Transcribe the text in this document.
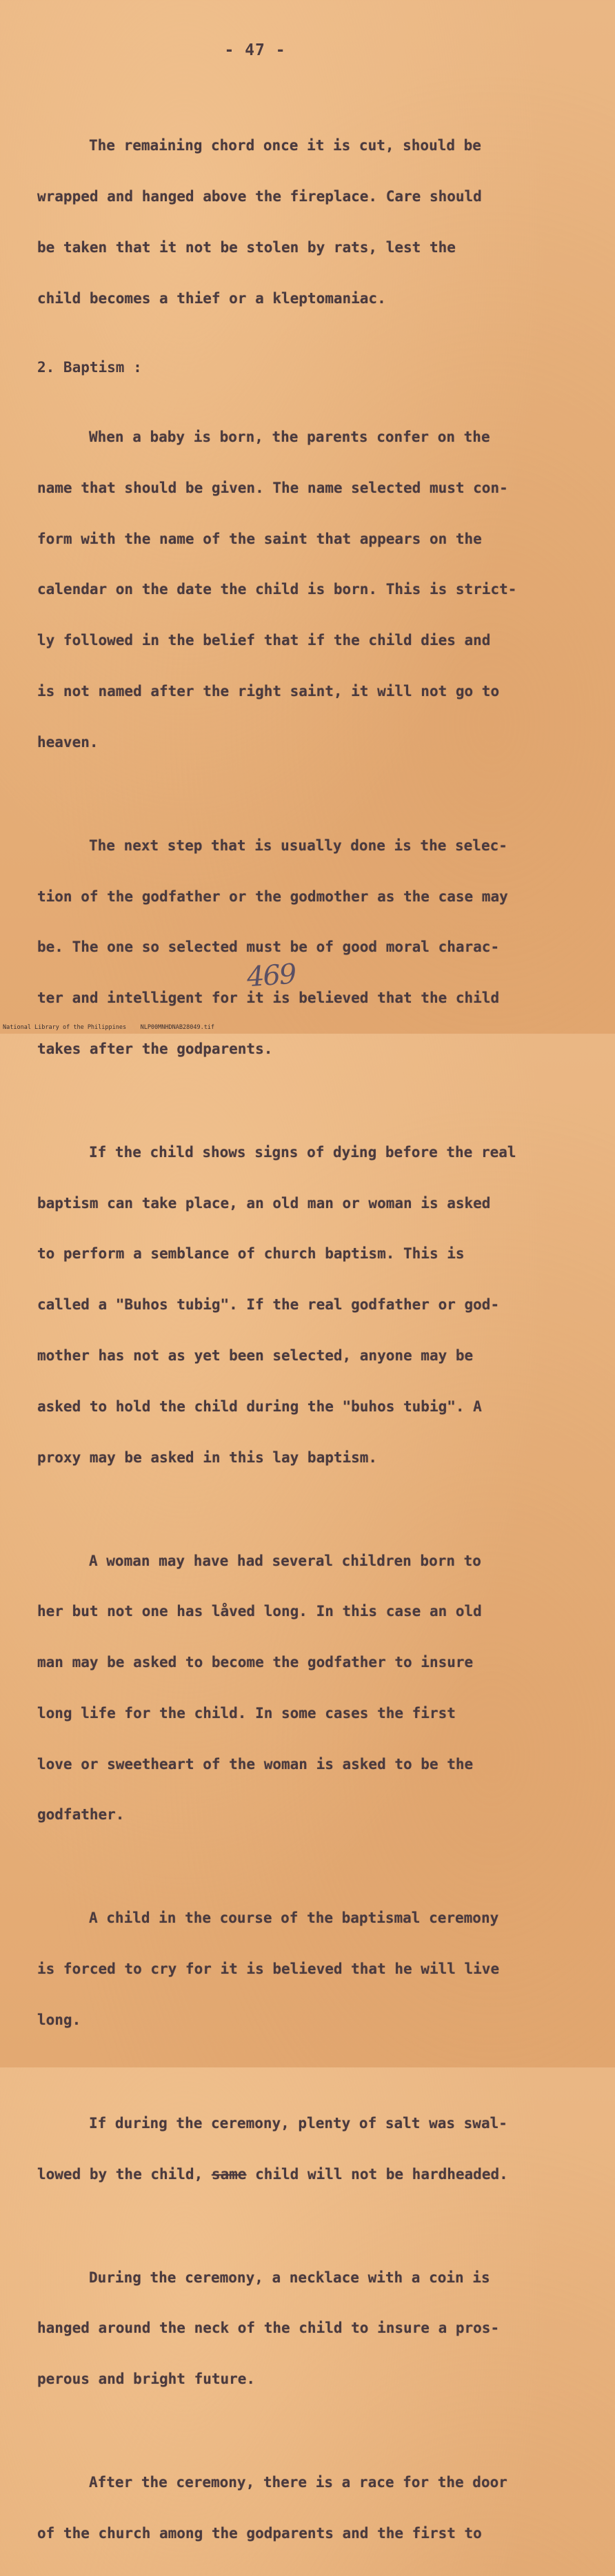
- 47 -

The remaining chord once it is cut, should be

wrapped and hanged above the fireplace. Care should

be taken that it not be stolen by rats, lest the

child becomes a thief or a kleptomaniac.

2. Baptism :

When a baby is born, the parents confer on the

name that should be given. The name selected must con-

form with the name of the saint that appears on the

calendar on the date the child is born. This is strict-

ly followed in the belief that if the child dies and

is not named after the right saint, it will not go to

heaven.

The next step that is usually done is the selec-

tion of the godfather or the godmother as the case may

be. The one so selected must be of good moral charac-

ter and intelligent for it is believed that the child

takes after the godparents.

If the child shows signs of dying before the real

baptism can take place, an old man or woman is asked

to perform a semblance of church baptism. This is

called a "Buhos tubig". If the real godfather or god-

mother has not as yet been selected, anyone may be

asked to hold the child during the "buhos tubig". A

proxy may be asked in this lay baptism.

A woman may have had several children born to

her but not one has låved long. In this case an old

man may be asked to become the godfather to insure

long life for the child. In some cases the first

love or sweetheart of the woman is asked to be the

godfather.

A child in the course of the baptismal ceremony

is forced to cry for it is believed that he will live

long.

If during the ceremony, plenty of salt was swal-

lowed by the child, same child will not be hardheaded.

During the ceremony, a necklace with a coin is

hanged around the neck of the child to insure a pros-

perous and bright future.

After the ceremony, there is a race for the door

of the church among the godparents and the first to

469
National Library of the Philippines    NLP00MNHDNAB28049.tif
